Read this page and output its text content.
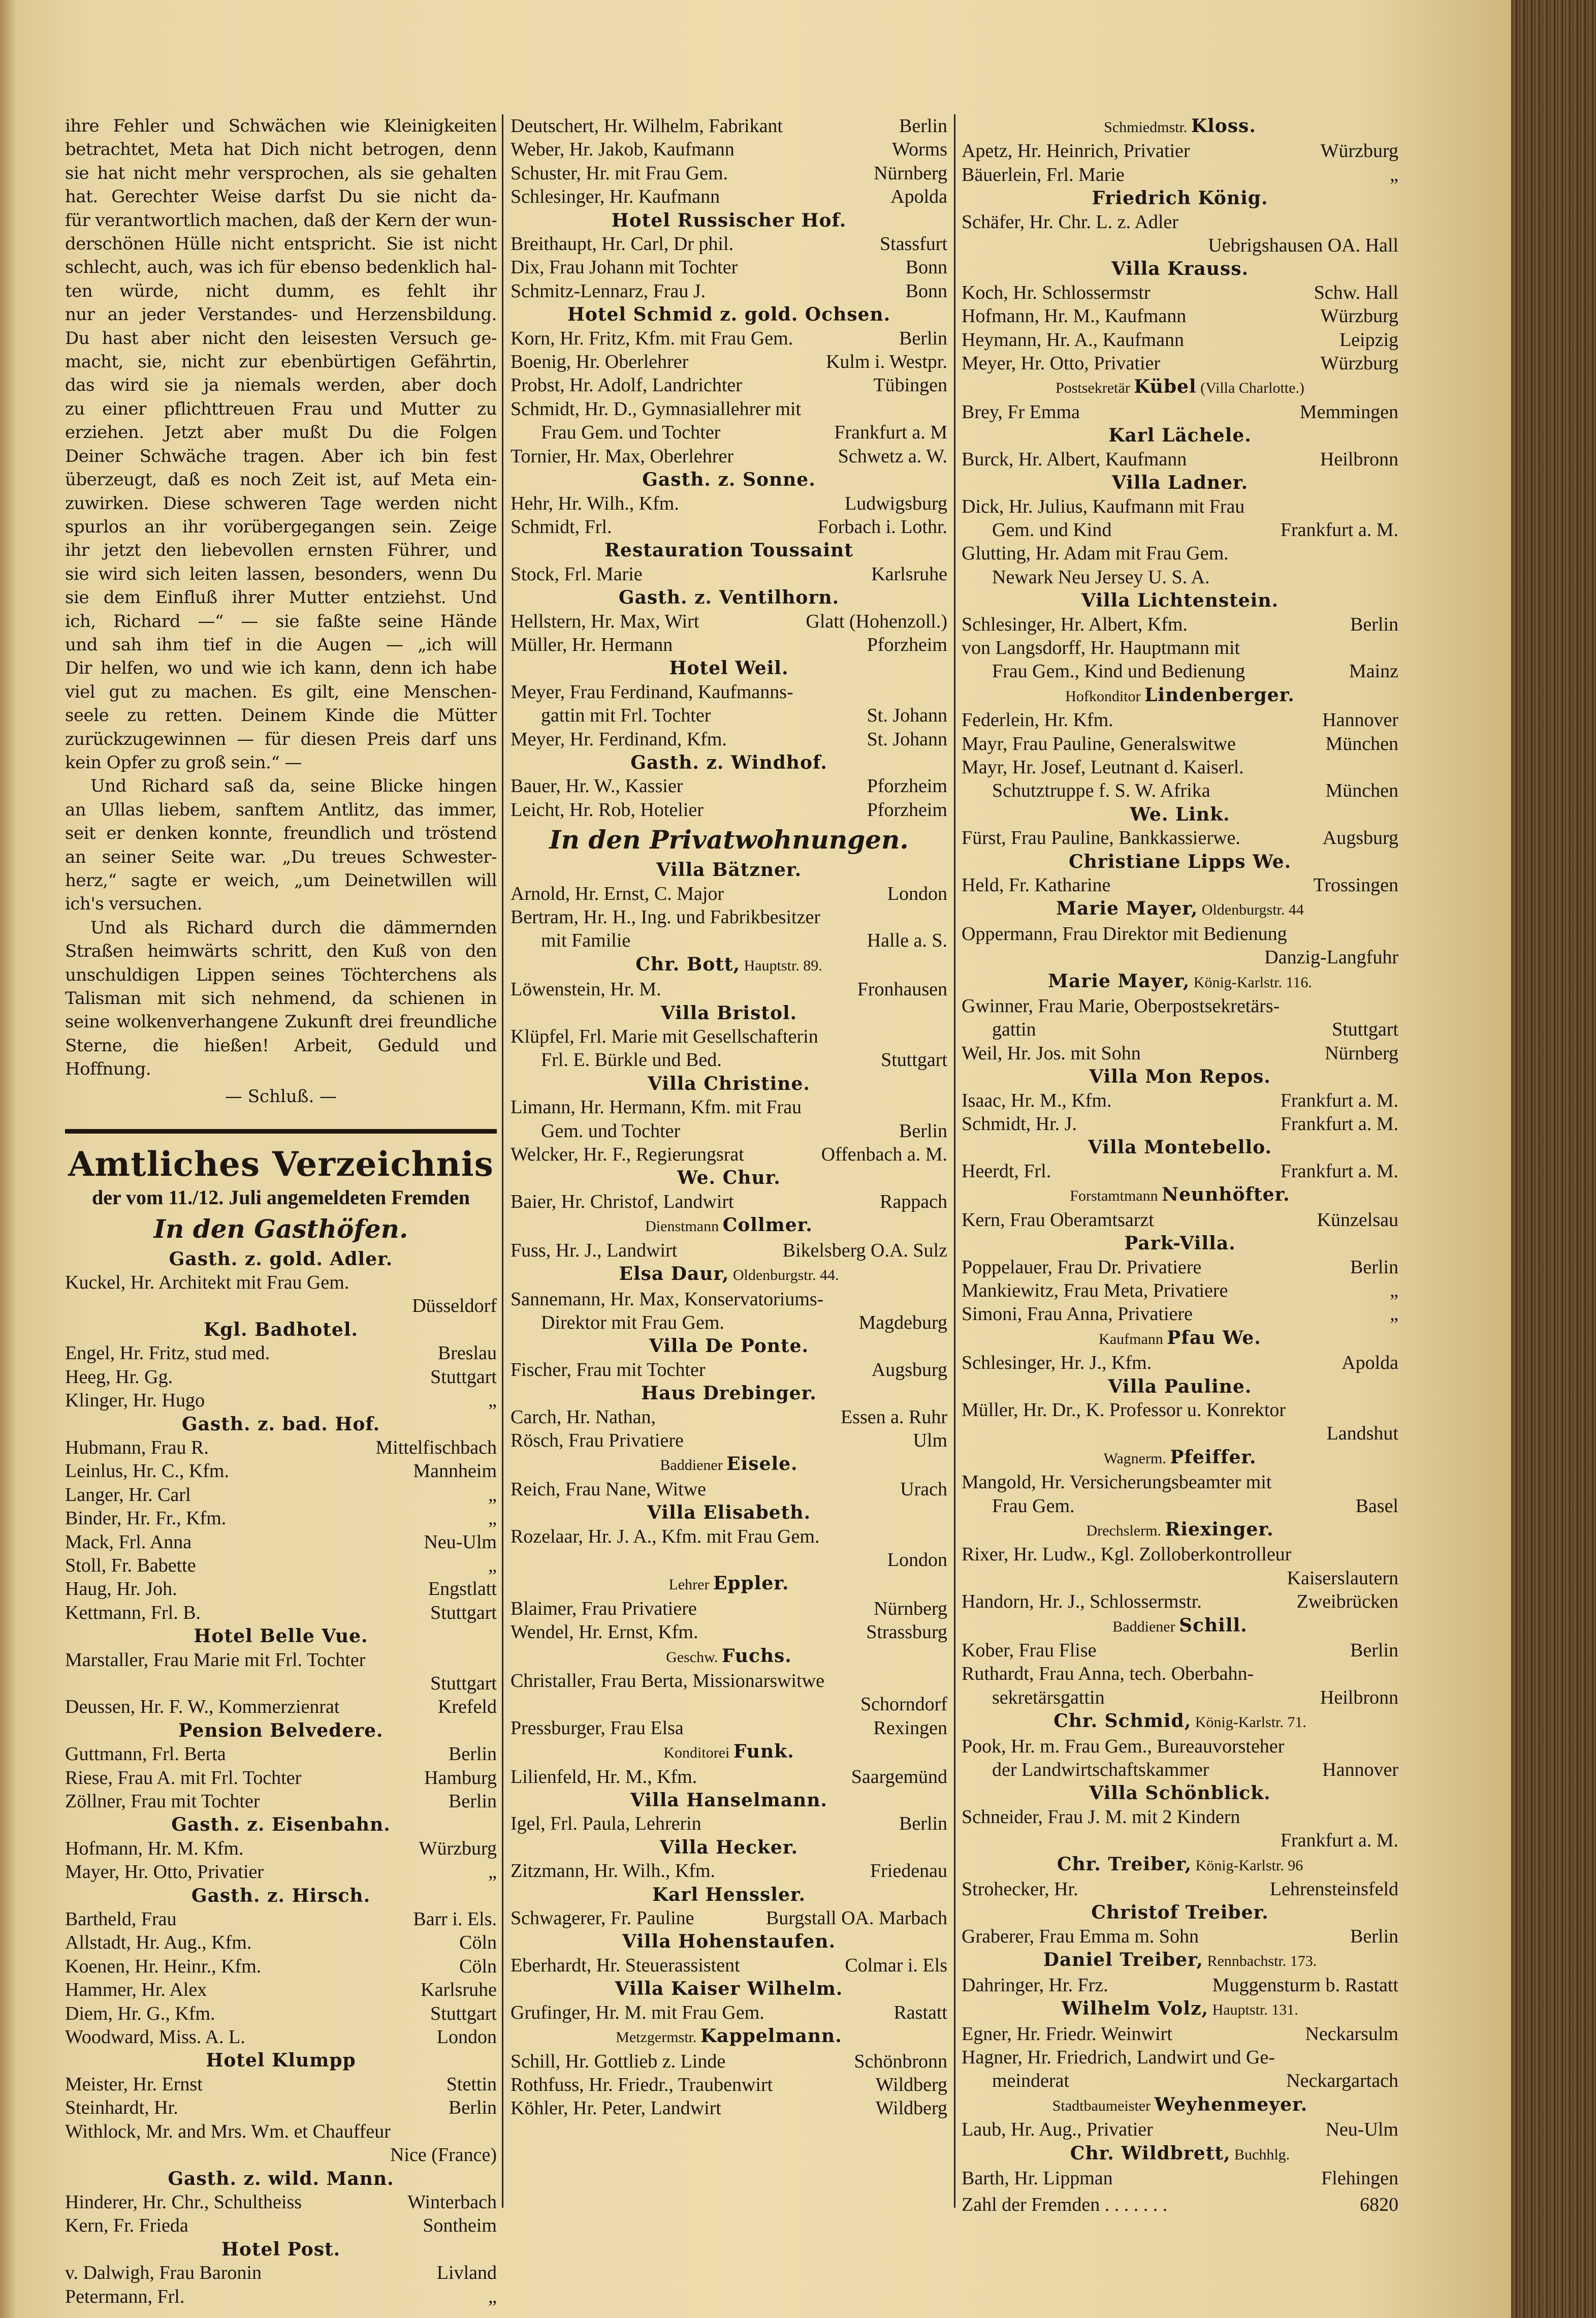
ihre Fehler und Schwächen wie Kleinigkeiten
betrachtet, Meta hat Dich nicht betrogen, denn
sie hat nicht mehr versprochen, als sie gehalten
hat. Gerechter Weise darfst Du sie nicht da-
für verantwortlich machen, daß der Kern der wun-
derschönen Hülle nicht entspricht. Sie ist nicht
schlecht, auch, was ich für ebenso bedenklich hal-
ten würde, nicht dumm, es fehlt ihr
nur an jeder Verstandes- und Herzensbildung.
Du hast aber nicht den leisesten Versuch ge-
macht, sie, nicht zur ebenbürtigen Gefährtin,
das wird sie ja niemals werden, aber doch
zu einer pflichttreuen Frau und Mutter zu
erziehen. Jetzt aber mußt Du die Folgen
Deiner Schwäche tragen. Aber ich bin fest
überzeugt, daß es noch Zeit ist, auf Meta ein-
zuwirken. Diese schweren Tage werden nicht
spurlos an ihr vorübergegangen sein. Zeige
ihr jetzt den liebevollen ernsten Führer, und
sie wird sich leiten lassen, besonders, wenn Du
sie dem Einfluß ihrer Mutter entziehst. Und
ich, Richard —“ — sie faßte seine Hände
und sah ihm tief in die Augen — „ich will
Dir helfen, wo und wie ich kann, denn ich habe
viel gut zu machen. Es gilt, eine Menschen-
seele zu retten. Deinem Kinde die Mütter
zurückzugewinnen — für diesen Preis darf uns
kein Opfer zu groß sein.“ —
Und Richard saß da, seine Blicke hingen
an Ullas liebem, sanftem Antlitz, das immer,
seit er denken konnte, freundlich und tröstend
an seiner Seite war. „Du treues Schwester-
herz,“ sagte er weich, „um Deinetwillen will
ich's versuchen.
Und als Richard durch die dämmernden
Straßen heimwärts schritt, den Kuß von den
unschuldigen Lippen seines Töchterchens als
Talisman mit sich nehmend, da schienen in
seine wolkenverhangene Zukunft drei freundliche
Sterne, die hießen! Arbeit, Geduld und
Hoffnung.
— Schluß. —
Amtliches Verzeichnis
der vom 11./12. Juli angemeldeten Fremden
In den Gasthöfen.
Gasth. z. gold. Adler.
Kuckel, Hr. Architekt mit Frau Gem.
Düsseldorf
Kgl. Badhotel.
Engel, Hr. Fritz, stud med.	Breslau
Heeg, Hr. Gg.	Stuttgart
Klinger, Hr. Hugo	„
Gasth. z. bad. Hof.
Hubmann, Frau R.	Mittelfischbach
Leinlus, Hr. C., Kfm.	Mannheim
Langer, Hr. Carl	„
Binder, Hr. Fr., Kfm.	„
Mack, Frl. Anna	Neu-Ulm
Stoll, Fr. Babette	„
Haug, Hr. Joh.	Engstlatt
Kettmann, Frl. B.	Stuttgart
Hotel Belle Vue.
Marstaller, Frau Marie mit Frl. Tochter
Stuttgart
Deussen, Hr. F. W., Kommerzienrat	Krefeld
Pension Belvedere.
Guttmann, Frl. Berta	Berlin
Riese, Frau A. mit Frl. Tochter	Hamburg
Zöllner, Frau mit Tochter	Berlin
Gasth. z. Eisenbahn.
Hofmann, Hr. M. Kfm.	Würzburg
Mayer, Hr. Otto, Privatier	„
Gasth. z. Hirsch.
Bartheld, Frau	Barr i. Els.
Allstadt, Hr. Aug., Kfm.	Cöln
Koenen, Hr. Heinr., Kfm.	Cöln
Hammer, Hr. Alex	Karlsruhe
Diem, Hr. G., Kfm.	Stuttgart
Woodward, Miss. A. L.	London
Hotel Klumpp
Meister, Hr. Ernst	Stettin
Steinhardt, Hr.	Berlin
Withlock, Mr. and Mrs. Wm. et Chauffeur
Nice (France)
Gasth. z. wild. Mann.
Hinderer, Hr. Chr., Schultheiss	Winterbach
Kern, Fr. Frieda	Sontheim
Hotel Post.
v. Dalwigh, Frau Baronin	Livland
Petermann, Frl.	„
Deutschert, Hr. Wilhelm, Fabrikant	Berlin
Weber, Hr. Jakob, Kaufmann	Worms
Schuster, Hr. mit Frau Gem.	Nürnberg
Schlesinger, Hr. Kaufmann	Apolda
Hotel Russischer Hof.
Breithaupt, Hr. Carl, Dr phil.	Stassfurt
Dix, Frau Johann mit Tochter	Bonn
Schmitz-Lennarz, Frau J.	Bonn
Hotel Schmid z. gold. Ochsen.
Korn, Hr. Fritz, Kfm. mit Frau Gem.	Berlin
Boenig, Hr. Oberlehrer	Kulm i. Westpr.
Probst, Hr. Adolf, Landrichter	Tübingen
Schmidt, Hr. D., Gymnasiallehrer mit
Frau Gem. und Tochter	Frankfurt a. M
Tornier, Hr. Max, Oberlehrer	Schwetz a. W.
Gasth. z. Sonne.
Hehr, Hr. Wilh., Kfm.	Ludwigsburg
Schmidt, Frl.	Forbach i. Lothr.
Restauration Toussaint
Stock, Frl. Marie	Karlsruhe
Gasth. z. Ventilhorn.
Hellstern, Hr. Max, Wirt	Glatt (Hohenzoll.)
Müller, Hr. Hermann	Pforzheim
Hotel Weil.
Meyer, Frau Ferdinand, Kaufmanns-
gattin mit Frl. Tochter	St. Johann
Meyer, Hr. Ferdinand, Kfm.	St. Johann
Gasth. z. Windhof.
Bauer, Hr. W., Kassier	Pforzheim
Leicht, Hr. Rob, Hotelier	Pforzheim
In den Privatwohnungen.
Villa Bätzner.
Arnold, Hr. Ernst, C. Major	London
Bertram, Hr. H., Ing. und Fabrikbesitzer
mit Familie	Halle a. S.
Chr. Bott, Hauptstr. 89.
Löwenstein, Hr. M.	Fronhausen
Villa Bristol.
Klüpfel, Frl. Marie mit Gesellschafterin
Frl. E. Bürkle und Bed.	Stuttgart
Villa Christine.
Limann, Hr. Hermann, Kfm. mit Frau
Gem. und Tochter	Berlin
Welcker, Hr. F., Regierungsrat	Offenbach a. M.
We. Chur.
Baier, Hr. Christof, Landwirt	Rappach
Dienstmann Collmer.
Fuss, Hr. J., Landwirt	Bikelsberg O.A. Sulz
Elsa Daur, Oldenburgstr. 44.
Sannemann, Hr. Max, Konservatoriums-
Direktor mit Frau Gem.	Magdeburg
Villa De Ponte.
Fischer, Frau mit Tochter	Augsburg
Haus Drebinger.
Carch, Hr. Nathan,	Essen a. Ruhr
Rösch, Frau Privatiere	Ulm
Baddiener Eisele.
Reich, Frau Nane, Witwe	Urach
Villa Elisabeth.
Rozelaar, Hr. J. A., Kfm. mit Frau Gem.
London
Lehrer Eppler.
Blaimer, Frau Privatiere	Nürnberg
Wendel, Hr. Ernst, Kfm.	Strassburg
Geschw. Fuchs.
Christaller, Frau Berta, Missionarswitwe
Schorndorf
Pressburger, Frau Elsa	Rexingen
Konditorei Funk.
Lilienfeld, Hr. M., Kfm.	Saargemünd
Villa Hanselmann.
Igel, Frl. Paula, Lehrerin	Berlin
Villa Hecker.
Zitzmann, Hr. Wilh., Kfm.	Friedenau
Karl Henssler.
Schwagerer, Fr. Pauline	Burgstall OA. Marbach
Villa Hohenstaufen.
Eberhardt, Hr. Steuerassistent	Colmar i. Els
Villa Kaiser Wilhelm.
Grufinger, Hr. M. mit Frau Gem.	Rastatt
Metzgermstr. Kappelmann.
Schill, Hr. Gottlieb z. Linde	Schönbronn
Rothfuss, Hr. Friedr., Traubenwirt	Wildberg
Köhler, Hr. Peter, Landwirt	Wildberg
Schmiedmstr. Kloss.
Apetz, Hr. Heinrich, Privatier	Würzburg
Bäuerlein, Frl. Marie	„
Friedrich König.
Schäfer, Hr. Chr. L. z. Adler
Uebrigshausen OA. Hall
Villa Krauss.
Koch, Hr. Schlossermstr	Schw. Hall
Hofmann, Hr. M., Kaufmann	Würzburg
Heymann, Hr. A., Kaufmann	Leipzig
Meyer, Hr. Otto, Privatier	Würzburg
Postsekretär Kübel (Villa Charlotte.)
Brey, Fr Emma	Memmingen
Karl Lächele.
Burck, Hr. Albert, Kaufmann	Heilbronn
Villa Ladner.
Dick, Hr. Julius, Kaufmann mit Frau
Gem. und Kind	Frankfurt a. M.
Glutting, Hr. Adam mit Frau Gem.
Newark Neu Jersey U. S. A.
Villa Lichtenstein.
Schlesinger, Hr. Albert, Kfm.	Berlin
von Langsdorff, Hr. Hauptmann mit
Frau Gem., Kind und Bedienung	Mainz
Hofkonditor Lindenberger.
Federlein, Hr. Kfm.	Hannover
Mayr, Frau Pauline, Generalswitwe	München
Mayr, Hr. Josef, Leutnant d. Kaiserl.
Schutztruppe f. S. W. Afrika	München
We. Link.
Fürst, Frau Pauline, Bankkassierwe.	Augsburg
Christiane Lipps We.
Held, Fr. Katharine	Trossingen
Marie Mayer, Oldenburgstr. 44
Oppermann, Frau Direktor mit Bedienung
Danzig-Langfuhr
Marie Mayer, König-Karlstr. 116.
Gwinner, Frau Marie, Oberpostsekretärs-
gattin	Stuttgart
Weil, Hr. Jos. mit Sohn	Nürnberg
Villa Mon Repos.
Isaac, Hr. M., Kfm.	Frankfurt a. M.
Schmidt, Hr. J.	Frankfurt a. M.
Villa Montebello.
Heerdt, Frl.	Frankfurt a. M.
Forstamtmann Neunhöfter.
Kern, Frau Oberamtsarzt	Künzelsau
Park-Villa.
Poppelauer, Frau Dr. Privatiere	Berlin
Mankiewitz, Frau Meta, Privatiere	„
Simoni, Frau Anna, Privatiere	„
Kaufmann Pfau We.
Schlesinger, Hr. J., Kfm.	Apolda
Villa Pauline.
Müller, Hr. Dr., K. Professor u. Konrektor
Landshut
Wagnerm. Pfeiffer.
Mangold, Hr. Versicherungsbeamter mit
Frau Gem.	Basel
Drechslerm. Riexinger.
Rixer, Hr. Ludw., Kgl. Zolloberkontrolleur
Kaiserslautern
Handorn, Hr. J., Schlossermstr.	Zweibrücken
Baddiener Schill.
Kober, Frau Flise	Berlin
Ruthardt, Frau Anna, tech. Oberbahn-
sekretärsgattin	Heilbronn
Chr. Schmid, König-Karlstr. 71.
Pook, Hr. m. Frau Gem., Bureauvorsteher
der Landwirtschaftskammer	Hannover
Villa Schönblick.
Schneider, Frau J. M. mit 2 Kindern
Frankfurt a. M.
Chr. Treiber, König-Karlstr. 96
Strohecker, Hr.	Lehrensteinsfeld
Christof Treiber.
Graberer, Frau Emma m. Sohn	Berlin
Daniel Treiber, Rennbachstr. 173.
Dahringer, Hr. Frz.	Muggensturm b. Rastatt
Wilhelm Volz, Hauptstr. 131.
Egner, Hr. Friedr. Weinwirt	Neckarsulm
Hagner, Hr. Friedrich, Landwirt und Ge-
meinderat	Neckargartach
Stadtbaumeister Weyhenmeyer.
Laub, Hr. Aug., Privatier	Neu-Ulm
Chr. Wildbrett, Buchhlg.
Barth, Hr. Lippman	Flehingen
Zahl der Fremden . . . . . . .	6820
